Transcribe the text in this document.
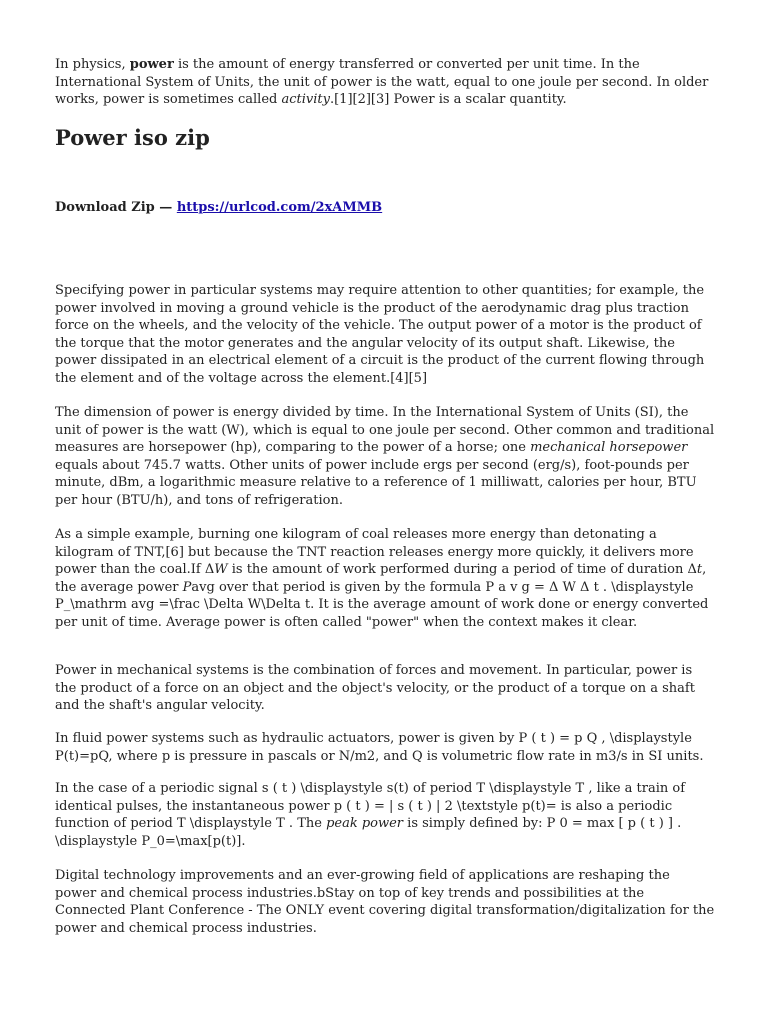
In physics, power is the amount of energy transferred or converted per unit time. In the International System of Units, the unit of power is the watt, equal to one joule per second. In older works, power is sometimes called activity.[1][2][3] Power is a scalar quantity.

Power iso zip
Download Zip — https://urlcod.com/2xAMMB

Specifying power in particular systems may require attention to other quantities; for example, the power involved in moving a ground vehicle is the product of the aerodynamic drag plus traction force on the wheels, and the velocity of the vehicle. The output power of a motor is the product of the torque that the motor generates and the angular velocity of its output shaft. Likewise, the power dissipated in an electrical element of a circuit is the product of the current flowing through the element and of the voltage across the element.[4][5]

The dimension of power is energy divided by time. In the International System of Units (SI), the unit of power is the watt (W), which is equal to one joule per second. Other common and traditional measures are horsepower (hp), comparing to the power of a horse; one mechanical horsepower equals about 745.7 watts. Other units of power include ergs per second (erg/s), foot-pounds per minute, dBm, a logarithmic measure relative to a reference of 1 milliwatt, calories per hour, BTU per hour (BTU/h), and tons of refrigeration.

As a simple example, burning one kilogram of coal releases more energy than detonating a kilogram of TNT,[6] but because the TNT reaction releases energy more quickly, it delivers more power than the coal.If ΔW is the amount of work performed during a period of time of duration Δt, the average power Pavg over that period is given by the formula P a v g = Δ W Δ t . \displaystyle P_\mathrm avg =\frac \Delta W\Delta t. It is the average amount of work done or energy converted per unit of time. Average power is often called "power" when the context makes it clear.

Power in mechanical systems is the combination of forces and movement. In particular, power is the product of a force on an object and the object's velocity, or the product of a torque on a shaft and the shaft's angular velocity.

In fluid power systems such as hydraulic actuators, power is given by P ( t ) = p Q , \displaystyle P(t)=pQ, where p is pressure in pascals or N/m2, and Q is volumetric flow rate in m3/s in SI units.

In the case of a periodic signal s ( t ) \displaystyle s(t) of period T \displaystyle T , like a train of identical pulses, the instantaneous power p ( t ) = | s ( t ) | 2 \textstyle p(t)= is also a periodic function of period T \displaystyle T . The peak power is simply defined by: P 0 = max [ p ( t ) ] . \displaystyle P_0=\max[p(t)].

Digital technology improvements and an ever-growing field of applications are reshaping the power and chemical process industries.bStay on top of key trends and possibilities at the Connected Plant Conference - The ONLY event covering digital transformation/digitalization for the power and chemical process industries.
